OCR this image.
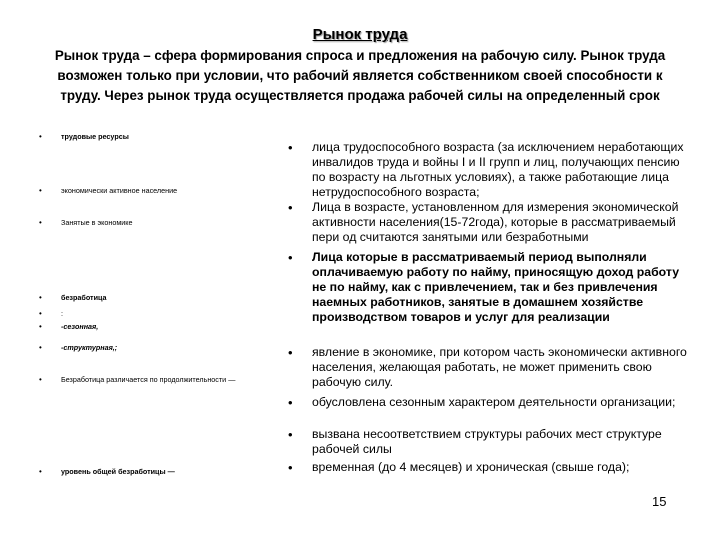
Рынок труда
Рынок труда – сфера формирования спроса и предложения на рабочую силу. Рынок труда возможен только при условии, что рабочий является собственником своей способности к труду. Через рынок труда осуществляется продажа рабочей силы на определенный срок
•	трудовые ресурсы
•	экономически активное население
•	Занятые в экономике
•	безработица
•	:
•	-сезонная,
•	-структурная,;
•	Безработица различается по продолжительности —
•	уровень общей безработицы —
•	лица трудоспособного возраста (за исключением неработающих инвалидов труда и войны I и II групп и лиц, получающих пенсию по возрасту на льготных условиях), а также работающие лица нетрудоспособного возраста;
•	Лица в возрасте, установленном для измерения экономической активности населения(15-72года), которые в рассматриваемый пери од считаются занятыми или безработными
•	Лица которые в рассматриваемый период выполняли оплачиваемую работу по найму, приносящую доход работу не по найму, как с привлечением, так и без привлечения наемных работников, занятые в домашнем хозяйстве производством товаров и услуг для реализации
•	явление в экономике, при котором часть экономически активного населения, желающая работать, не может применить свою рабочую силу.
•	обусловлена сезонным характером деятельности организации;
•	вызвана несоответствием структуры рабочих мест структуре рабочей силы
•	временная (до 4 месяцев) и хроническая (свыше года);
15
